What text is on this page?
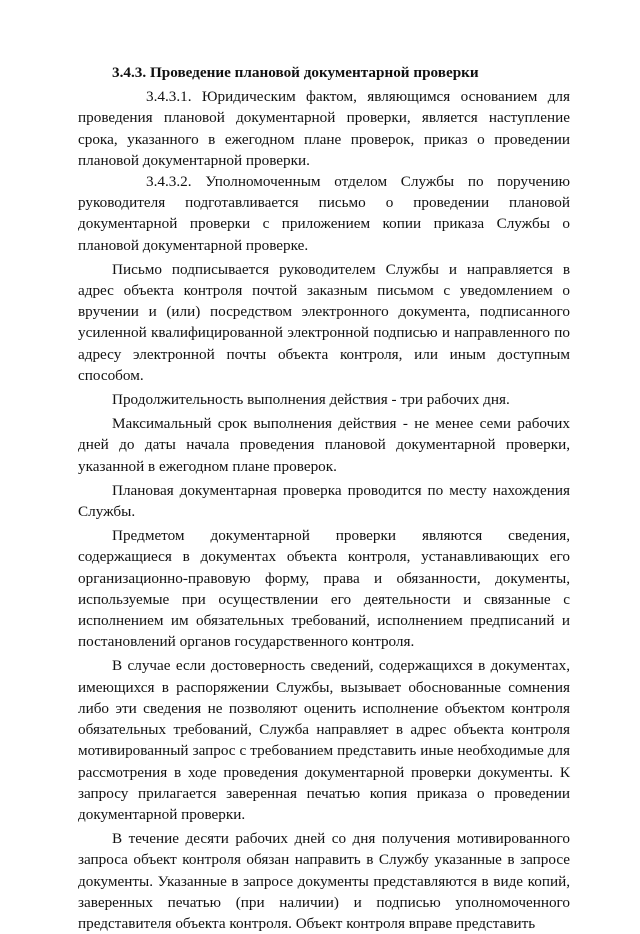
3.4.3. Проведение плановой документарной проверки

3.4.3.1. Юридическим фактом, являющимся основанием для проведения плановой документарной проверки, является наступление срока, указанного в ежегодном плане проверок, приказ о проведении плановой документарной проверки.

3.4.3.2. Уполномоченным отделом Службы по поручению руководителя подготавливается письмо о проведении плановой документарной проверки с приложением копии приказа Службы о плановой документарной проверке.

Письмо подписывается руководителем Службы и направляется в адрес объекта контроля почтой заказным письмом с уведомлением о вручении и (или) посредством электронного документа, подписанного усиленной квалифицированной электронной подписью и направленного по адресу электронной почты объекта контроля, или иным доступным способом.

Продолжительность выполнения действия - три рабочих дня.

Максимальный срок выполнения действия - не менее семи рабочих дней до даты начала проведения плановой документарной проверки, указанной в ежегодном плане проверок.

Плановая документарная проверка проводится по месту нахождения Службы.

Предметом документарной проверки являются сведения, содержащиеся в документах объекта контроля, устанавливающих его организационно-правовую форму, права и обязанности, документы, используемые при осуществлении его деятельности и связанные с исполнением им обязательных требований, исполнением предписаний и постановлений органов государственного контроля.

В случае если достоверность сведений, содержащихся в документах, имеющихся в распоряжении Службы, вызывает обоснованные сомнения либо эти сведения не позволяют оценить исполнение объектом контроля обязательных требований, Служба направляет в адрес объекта контроля мотивированный запрос с требованием представить иные необходимые для рассмотрения в ходе проведения документарной проверки документы. К запросу прилагается заверенная печатью копия приказа о проведении документарной проверки.

В течение десяти рабочих дней со дня получения мотивированного запроса объект контроля обязан направить в Службу указанные в запросе документы. Указанные в запросе документы представляются в виде копий, заверенных печатью (при наличии) и подписью уполномоченного представителя объекта контроля. Объект контроля вправе представить
